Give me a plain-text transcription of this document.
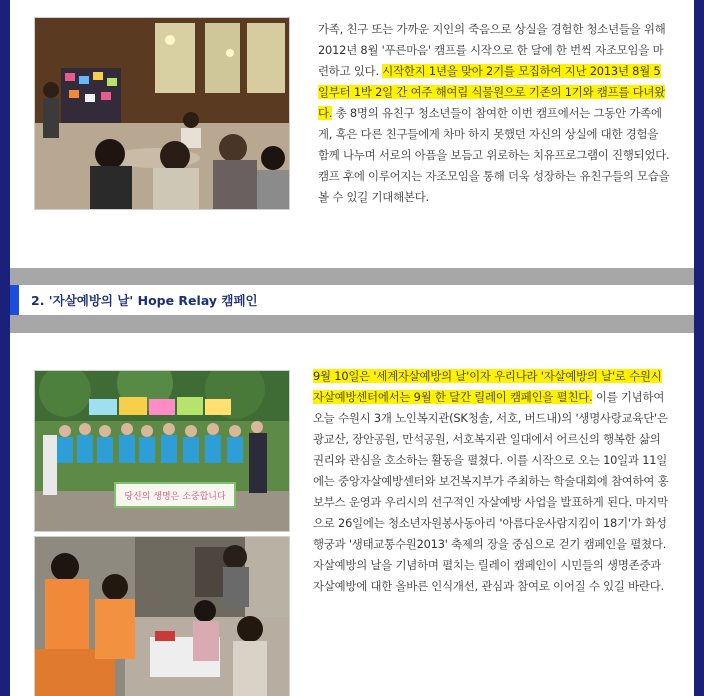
가족, 친구 또는 가까운 지인의 죽음으로 상실을 경험한 청소년들을 위해 2012년 8월 '푸른마음' 캠프를 시작으로 한 달에 한 번씩 자조모임을 마련하고 있다. 시작한지 1년을 맞아 2기를 모집하여 지난 2013년 8월 5일부터 1박 2일 간 여주 해여림 식물원으로 기존의 1기와 캠프를 다녀왔다. 총 8명의 유친구 청소년들이 참여한 이번 캠프에서는 그동안 가족에게, 혹은 다른 친구들에게 차마 하지 못했던 자신의 상실에 대한 경험을 함께 나누며 서로의 아픔을 보듬고 위로하는 치유프로그램이 진행되었다. 캠프 후에 이루어지는 자조모임을 통해 더욱 성장하는 유친구들의 모습을 볼 수 있길 기대해본다.
2. '자살예방의 날' Hope Relay 캠페인
당신의 생명은 소중합니다
9월 10일은 '세계자살예방의 날'이자 우리나라 '자살예방의 날'로 수원시자살예방센터에서는 9월 한 달간 릴레이 캠페인을 펼친다. 이를 기념하여 오늘 수원시 3개 노인복지관(SK청솔, 서호, 버드내)의 '생명사랑교육단'은 광교산, 장안공원, 만석공원, 서호복지관 일대에서 어르신의 행복한 삶의 권리와 관심을 호소하는 활동을 펼쳤다. 이를 시작으로 오는 10일과 11일에는 중앙자살예방센터와 보건복지부가 주최하는 학술대회에 참여하여 홍보부스 운영과 우리시의 선구적인 자살예방 사업을 발표하게 된다. 마지막으로 26일에는 청소년자원봉사동아리 '아름다운사람지킴이 18기'가 화성행궁과 '생태교통수원2013' 축제의 장을 중심으로 걷기 캠페인을 펼쳤다. 자살예방의 날을 기념하며 펼치는 릴레이 캠페인이 시민들의 생명존중과 자살예방에 대한 올바른 인식개선, 관심과 참여로 이어질 수 있길 바란다.
